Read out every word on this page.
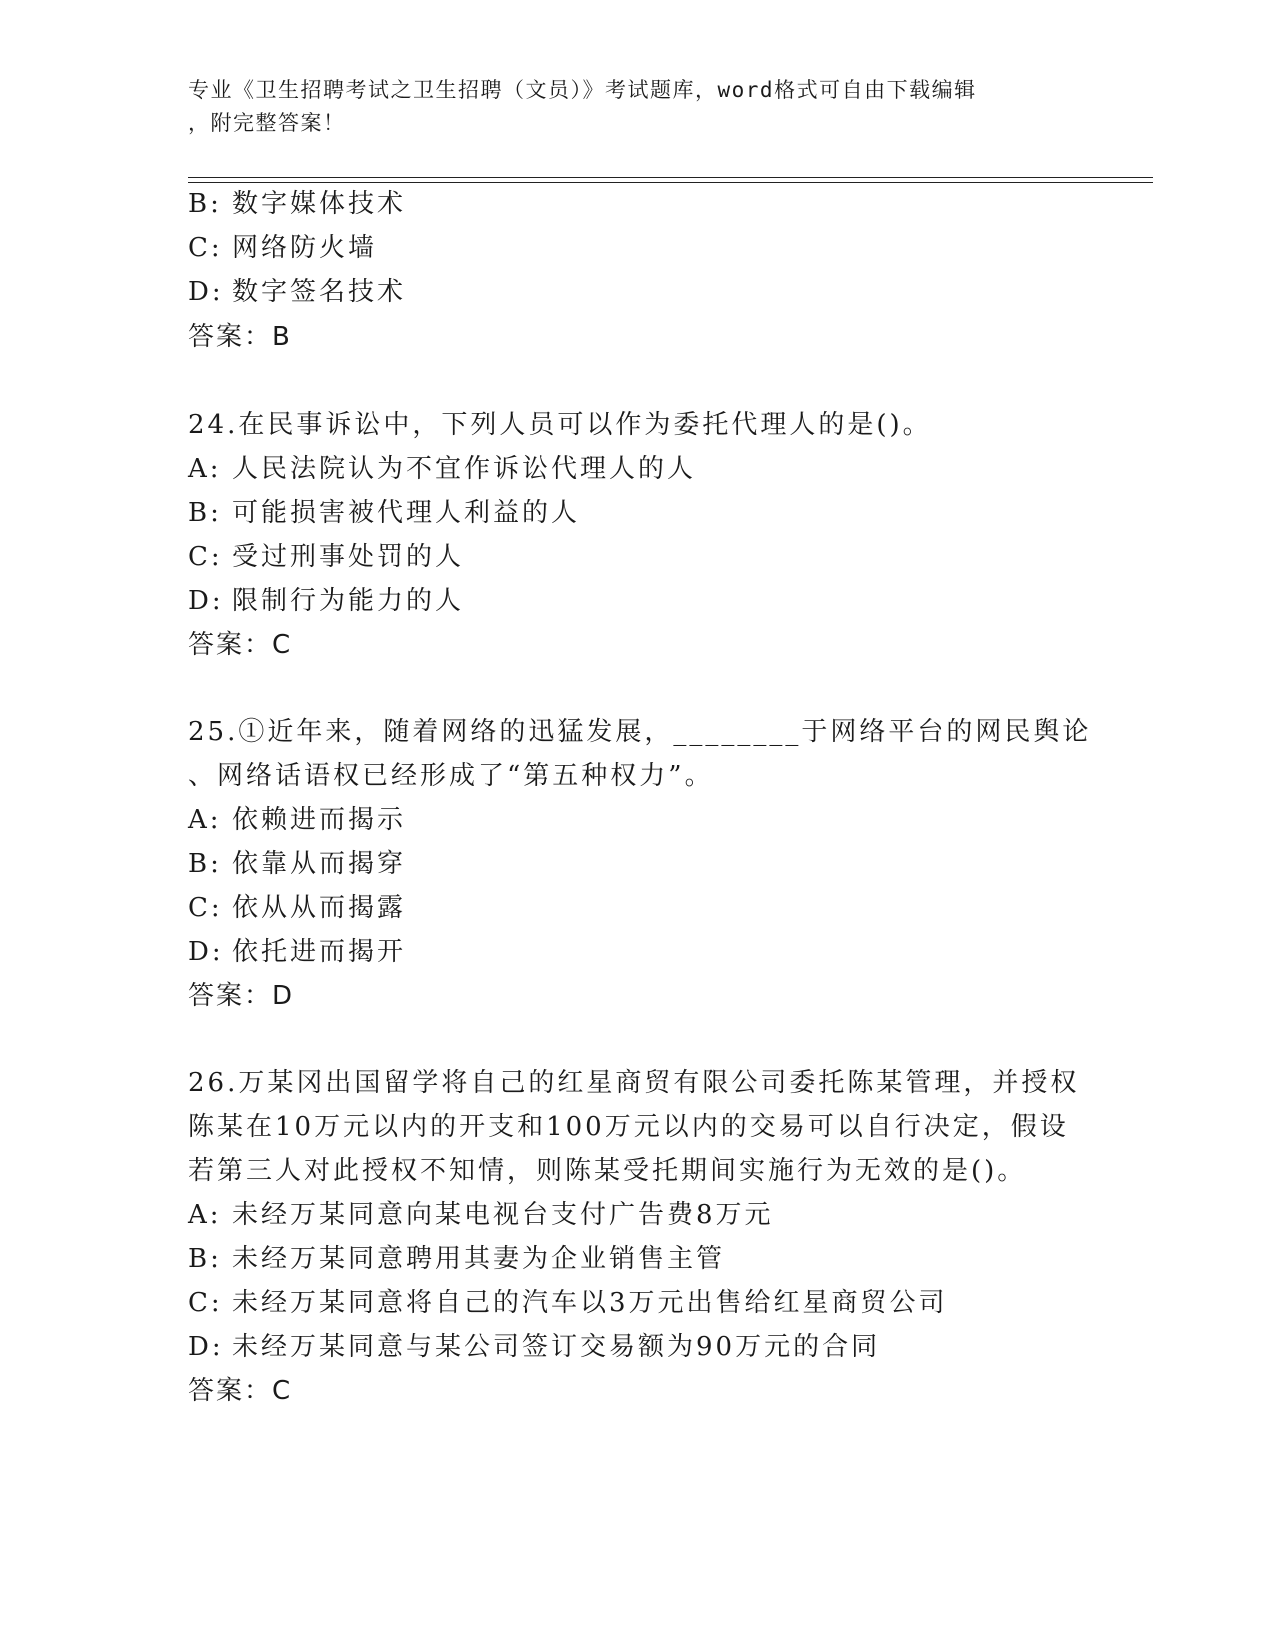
专业《卫生招聘考试之卫生招聘（文员）》考试题库，word格式可自由下载编辑
，附完整答案！
B: 数字媒体技术
C: 网络防火墙
D: 数字签名技术
答案：B
24.在民事诉讼中，下列人员可以作为委托代理人的是()。
A: 人民法院认为不宜作诉讼代理人的人
B: 可能损害被代理人利益的人
C: 受过刑事处罚的人
D: 限制行为能力的人
答案：C
25.①近年来，随着网络的迅猛发展，________于网络平台的网民舆论
、网络话语权已经形成了“第五种权力”。
A: 依赖进而揭示
B: 依靠从而揭穿
C: 依从从而揭露
D: 依托进而揭开
答案：D
26.万某冈出国留学将自己的红星商贸有限公司委托陈某管理，并授权
陈某在10万元以内的开支和100万元以内的交易可以自行决定，假设
若第三人对此授权不知情，则陈某受托期间实施行为无效的是()。
A: 未经万某同意向某电视台支付广告费8万元
B: 未经万某同意聘用其妻为企业销售主管
C: 未经万某同意将自己的汽车以3万元出售给红星商贸公司
D: 未经万某同意与某公司签订交易额为90万元的合同
答案：C
